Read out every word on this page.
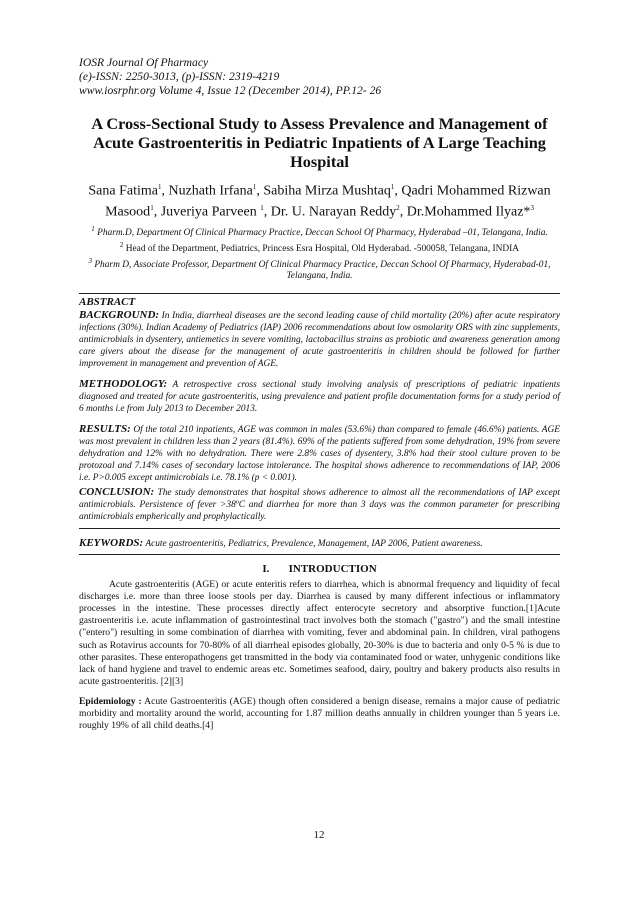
IOSR Journal Of Pharmacy

(e)-ISSN: 2250-3013, (p)-ISSN: 2319-4219

www.iosrphr.org Volume 4, Issue 12 (December 2014), PP.12- 26

A Cross-Sectional Study to Assess Prevalence and Management of Acute Gastroenteritis in Pediatric Inpatients of A Large Teaching Hospital

Sana Fatima$^1$, Nuzhath Irfana$^1$, Sabiha Mirza Mushtaq$^1$, Qadri Mohammed Rizwan Masood$^1$, Juveriya Parveen $^1$, Dr. U. Narayan Reddy$^2$, Dr.Mohammed Ilyaz*$^3$

$^1$ Pharm.D, Department Of Clinical Pharmacy Practice, Deccan School Of Pharmacy, Hyderabad –01, Telangana, India.

$^2$ Head of the Department, Pediatrics, Princess Esra Hospital, Old Hyderabad. -500058, Telangana, INDIA

$^3$ Pharm D, Associate Professor, Department Of Clinical Pharmacy Practice, Deccan School Of Pharmacy, Hyderabad-01, Telangana, India.

ABSTRACT

BACKGROUND: In India, diarrheal diseases are the second leading cause of child mortality (20%) after acute respiratory infections (30%). Indian Academy of Pediatrics (IAP) 2006 recommendations about low osmolarity ORS with zinc supplements, antimicrobials in dysentery, antiemetics in severe vomiting, lactobacillus strains as probiotic and awareness generation among care givers about the disease for the management of acute gastroenteritis in children should be followed for further improvement in management and prevention of AGE.

METHODOLOGY: A retrospective cross sectional study involving analysis of prescriptions of pediatric inpatients diagnosed and treated for acute gastroenteritis, using prevalence and patient profile documentation forms for a study period of 6 months i.e from July 2013 to December 2013.

RESULTS: Of the total 210 inpatients, AGE was common in males (53.6%) than compared to female (46.6%) patients. AGE was most prevalent in children less than 2 years (81.4%). 69% of the patients suffered from some dehydration, 19% from severe dehydration and 12% with no dehydration. There were 2.8% cases of dysentery, 3.8% had their stool culture proven to be protozoal and 7.14% cases of secondary lactose intolerance. The hospital shows adherence to recommendations of IAP, 2006 i.e. P>0.005 except antimicrobials i.e. 78.1% (p < 0.001).

CONCLUSION: The study demonstrates that hospital shows adherence to almost all the recommendations of IAP except antimicrobials. Persistence of fever >38ºC and diarrhea for more than 3 days was the common parameter for prescribing antimicrobials empherically and prophylactically.

KEYWORDS: Acute gastroenteritis, Pediatrics, Prevalence, Management, IAP 2006, Patient awareness.

I. INTRODUCTION

Acute gastroenteritis (AGE) or acute enteritis refers to diarrhea, which is abnormal frequency and liquidity of fecal discharges i.e. more than three loose stools per day. Diarrhea is caused by many different infectious or inflammatory processes in the intestine. These processes directly affect enterocyte secretory and absorptive function.[1]Acute gastroenteritis i.e. acute inflammation of gastrointestinal tract involves both the stomach ("gastro") and the small intestine ("entero") resulting in some combination of diarrhea with vomiting, fever and abdominal pain. In children, viral pathogens such as Rotavirus accounts for 70-80% of all diarrheal episodes globally, 20-30% is due to bacteria and only 0-5 % is due to other parasites. These enteropathogens get transmitted in the body via contaminated food or water, unhygenic conditions like lack of hand hygiene and travel to endemic areas etc. Sometimes seafood, dairy, poultry and bakery products also results in acute gastroenteritis. [2][3]

Epidemiology : Acute Gastroenteritis (AGE) though often considered a benign disease, remains a major cause of pediatric morbidity and mortality around the world, accounting for 1.87 million deaths annually in children younger than 5 years i.e. roughly 19% of all child deaths.[4]

12
